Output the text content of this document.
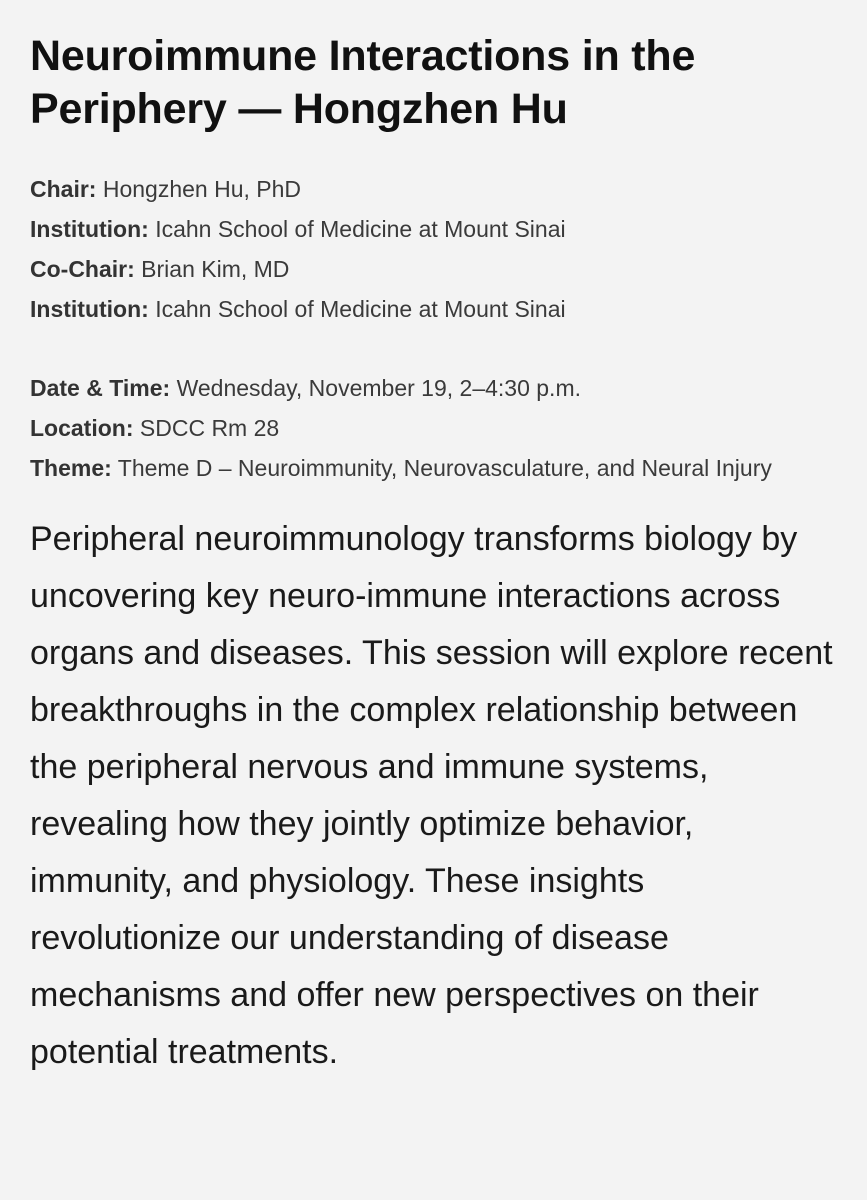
Neuroimmune Interactions in the Periphery — Hongzhen Hu
Chair: Hongzhen Hu, PhD
Institution: Icahn School of Medicine at Mount Sinai
Co-Chair: Brian Kim, MD
Institution: Icahn School of Medicine at Mount Sinai
Date & Time: Wednesday, November 19, 2–4:30 p.m.
Location: SDCC Rm 28
Theme: Theme D – Neuroimmunity, Neurovasculature, and Neural Injury

Peripheral neuroimmunology transforms biology by uncovering key neuro-immune interactions across organs and diseases. This session will explore recent breakthroughs in the complex relationship between the peripheral nervous and immune systems, revealing how they jointly optimize behavior, immunity, and physiology. These insights revolutionize our understanding of disease mechanisms and offer new perspectives on their potential treatments.
